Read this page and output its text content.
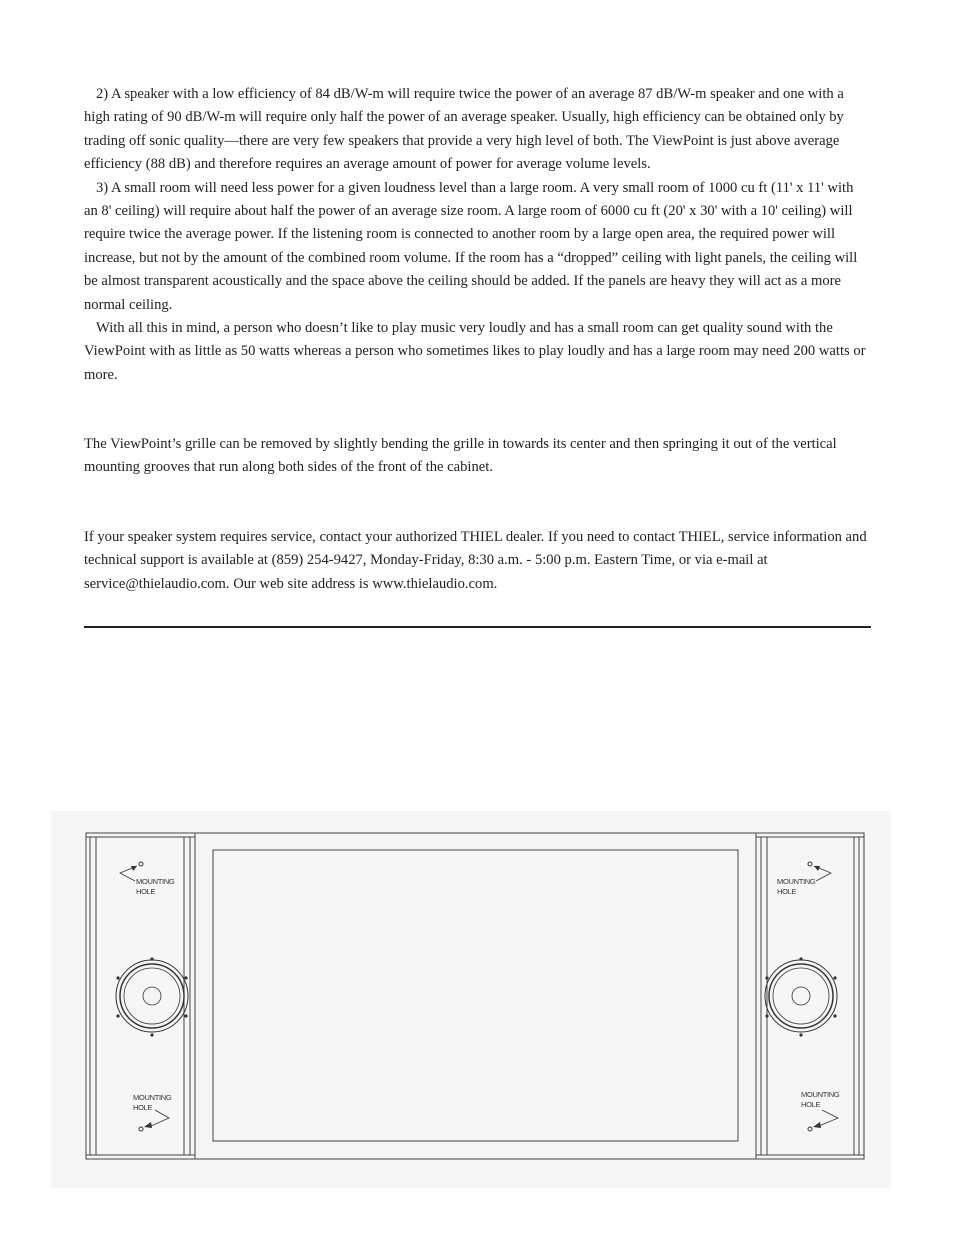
2) A speaker with a low efficiency of 84 dB/W-m will require twice the power of an average 87 dB/W-m speaker and one with a high rating of 90 dB/W-m will require only half the power of an average speaker. Usually, high efficiency can be obtained only by trading off sonic quality—there are very few speakers that provide a very high level of both. The ViewPoint is just above average efficiency (88 dB) and therefore requires an average amount of power for average volume levels.

3) A small room will need less power for a given loudness level than a large room. A very small room of 1000 cu ft (11' x 11' with an 8' ceiling) will require about half the power of an average size room. A large room of 6000 cu ft (20' x 30' with a 10' ceiling) will require twice the average power. If the listening room is connected to another room by a large open area, the required power will increase, but not by the amount of the combined room volume. If the room has a “dropped” ceiling with light panels, the ceiling will be almost transparent acoustically and the space above the ceiling should be added. If the panels are heavy they will act as a more normal ceiling.

With all this in mind, a person who doesn’t like to play music very loudly and has a small room can get quality sound with the ViewPoint with as little as 50 watts whereas a person who sometimes likes to play loudly and has a large room may need 200 watts or more.

The ViewPoint’s grille can be removed by slightly bending the grille in towards its center and then springing it out of the vertical mounting grooves that run along both sides of the front of the cabinet.

If your speaker system requires service, contact your authorized THIEL dealer. If you need to contact THIEL, service information and technical support is available at (859) 254-9427, Monday-Friday, 8:30 a.m. - 5:00 p.m. Eastern Time, or via e-mail at service@thielaudio.com. Our web site address is www.thielaudio.com.

MOUNTING
HOLE
MOUNTING
HOLE
MOUNTING
HOLE
MOUNTING
HOLE
